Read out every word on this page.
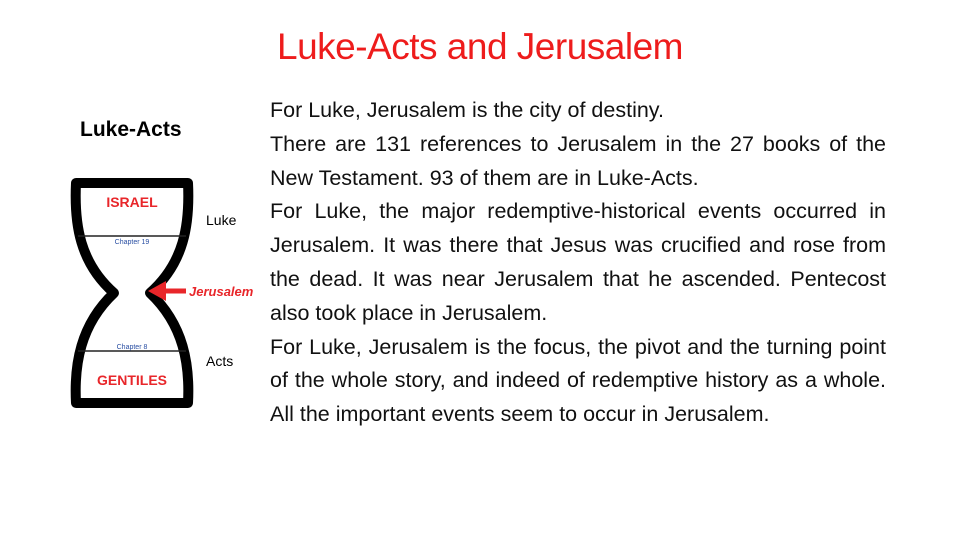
Luke-Acts and Jerusalem
Luke-Acts
ISRAEL
Chapter 19
Chapter 8
GENTILES
Luke
Acts
Jerusalem

For Luke, Jerusalem is the city of destiny.

There are 131 references to Jerusalem in the 27 books of the New Testament. 93 of them are in Luke-Acts.

For Luke, the major redemptive-historical events occurred in Jerusalem. It was there that Jesus was crucified and rose from the dead. It was near Jerusalem that he ascended. Pentecost also took place in Jerusalem.

For Luke, Jerusalem is the focus, the pivot and the turning point of the whole story, and indeed of redemptive history as a whole. All the important events seem to occur in Jerusalem.
